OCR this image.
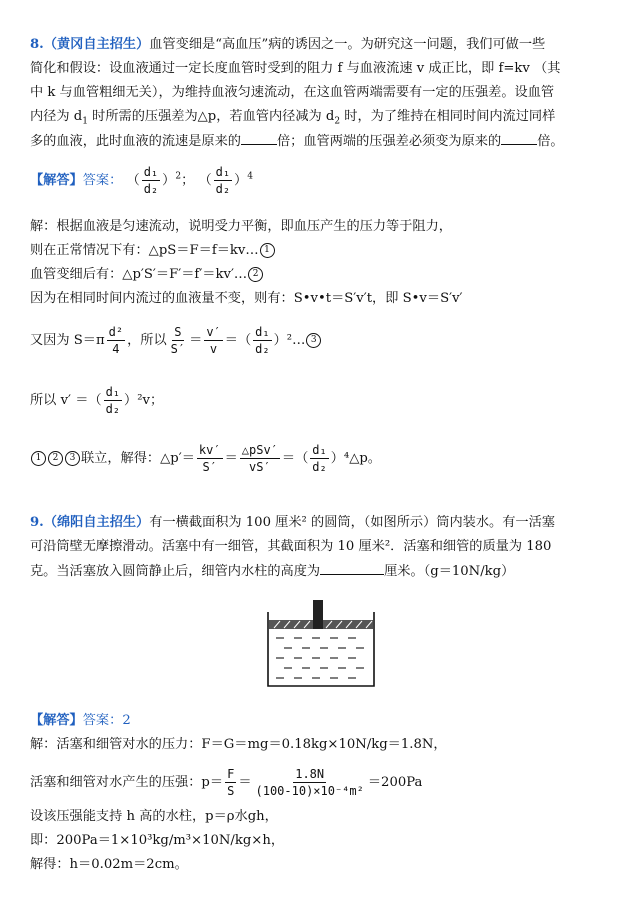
8.（黄冈自主招生）血管变细是“高血压”病的诱因之一。为研究这一问题，我们可做一些
简化和假设：设血液通过一定长度血管时受到的阻力 f 与血液流速 v 成正比，即 f=kv （其
中 k 与血管粗细无关），为维持血液匀速流动，在这血管两端需要有一定的压强差。设血管
内径为 $d_1$ 时所需的压强差为△p，若血管内径减为 $d_2$ 时，为了维持在相同时间内流过同样
多的血液，此时血液的流速是原来的	倍；血管两端的压强差必须变为原来的	倍。
【解答】答案： （ $\frac{\text{d₁}}{\text{d₂}} )^2$； （ $\frac{\text{d₁}}{\text{d₂}} )^4$
解：根据血液是匀速流动，说明受力平衡，即血压产生的压力等于阻力，
则在正常情况下有：△pS＝F＝f＝kv… 1
血管变细后有：△p′S′＝F′＝f′＝kv′… 2
因为在相同时间内流过的血液量不变，则有：S•v•t＝S′v′t，即 S•v＝S′v′
又因为 $S=\pi \frac{\text{d²}}{4}$ ，所以 $\frac{S}{S'} = \frac{v'}{v}$ ＝（ $\frac{\text{d₁}}{\text{d₂}}$ ）²… 3
所以 v′ ＝（ $\frac{\text{d₁}}{\text{d₂}} )^2v$；
1 2 3 联立，解得：△p′＝ $\frac{kv'}{S'} = \frac{\text{△pSv′}}{vS'}$ ＝（ $\frac{\text{d₁}}{\text{d₂}}$ ）⁴△p。
9.（绵阳自主招生）有一横截面积为 100 厘米² 的圆筒，（如图所示）筒内装水。有一活塞
可沿筒壁无摩擦滑动。活塞中有一细管，其截面积为 10 厘米²．活塞和细管的质量为 180
克。当活塞放入圆筒静止后，细管内水柱的高度为	厘米。（g＝10N/kg）
【解答】答案：2
解：活塞和细管对水的压力：F＝G＝mg＝0.18kg×10N/kg＝1.8N，
活塞和细管对水产生的压强：$p= \frac{F}{S} = \frac{1.8N}{\text{(100-10)×10⁻⁴m²}} =200Pa$
设该压强能支持 h 高的水柱，p＝ρ水gh，
即：200Pa＝1×10³kg/m³×10N/kg×h，
解得：h＝0.02m＝2cm。
